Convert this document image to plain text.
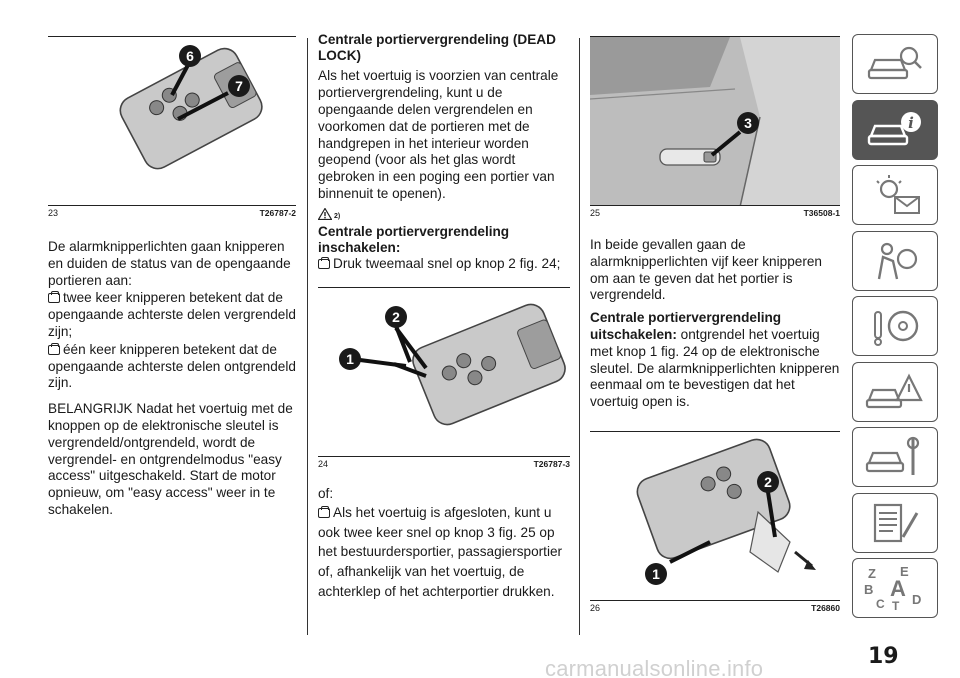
6
7
23	T26787-2

De alarmknipperlichten gaan knipperen en duiden de status van de opengaande portieren aan:

twee keer knipperen betekent dat de opengaande achterste delen vergrendeld zijn;

één keer knipperen betekent dat de opengaande achterste delen ontgrendeld zijn.

BELANGRIJK Nadat het voertuig met de knoppen op de elektronische sleutel is vergrendeld/ontgrendeld, wordt de vergrendel- en ontgrendelmodus "easy access" uitgeschakeld. Start de motor opnieuw, om "easy access" weer in te schakelen.

Centrale portiervergrendeling (DEAD LOCK)

Als het voertuig is voorzien van centrale portiervergrendeling, kunt u de opengaande delen vergrendelen en voorkomen dat de portieren met de handgrepen in het interieur worden geopend (voor als het glas wordt gebroken in een poging een portier van binnenuit te openen).

2)
Centrale portiervergrendeling inschakelen:

Druk tweemaal snel op knop 2 fig. 24;

2
1
24	T26787-3

of:

Als het voertuig is afgesloten, kunt u ook twee keer snel op knop 3 fig. 25 op het bestuurdersportier, passagiersportier of, afhankelijk van het voertuig, de achterklep of het achterportier drukken.

3
25	T36508-1

In beide gevallen gaan de alarmknipperlichten vijf keer knipperen om aan te geven dat het portier is vergrendeld.

Centrale portiervergrendeling uitschakelen: ontgrendel het voertuig met knop 1 fig. 24 op de elektronische sleutel. De alarmknipperlichten knipperen eenmaal om te bevestigen dat het voertuig open is.

2
1
26	T26860
i
Z E
B A
C T D
19
carmanualsonline.info
